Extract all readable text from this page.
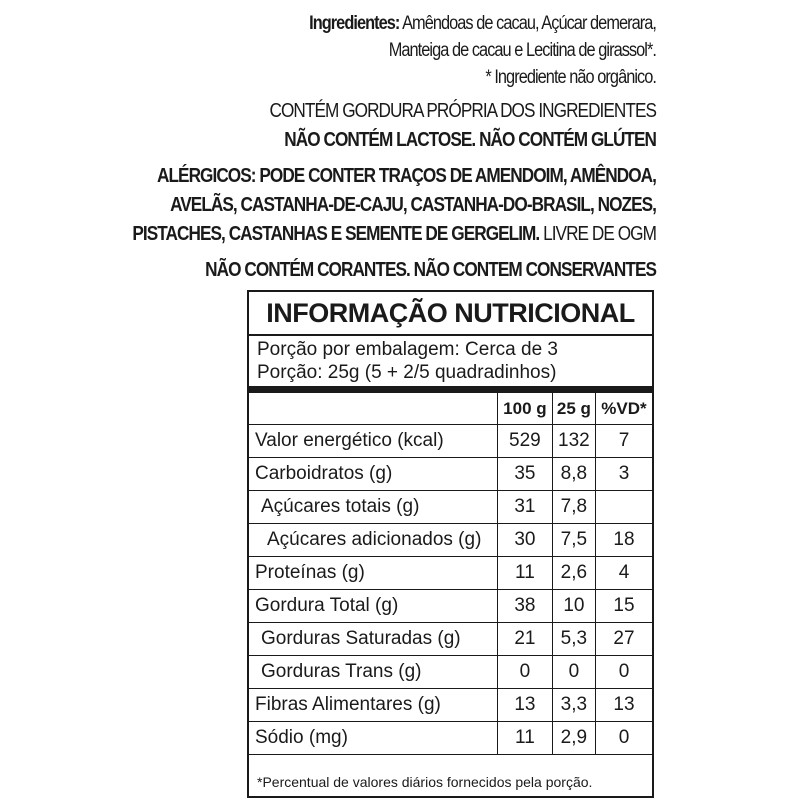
Ingredientes: Amêndoas de cacau, Açúcar demerara,
Manteiga de cacau e Lecitina de girassol*.
* Ingrediente não orgânico.
CONTÉM GORDURA PRÓPRIA DOS INGREDIENTES
NÃO CONTÉM LACTOSE. NÃO CONTÉM GLÚTEN
ALÉRGICOS: PODE CONTER TRAÇOS DE AMENDOIM, AMÊNDOA,
AVELÃS, CASTANHA-DE-CAJU, CASTANHA-DO-BRASIL, NOZES,
PISTACHES, CASTANHAS E SEMENTE DE GERGELIM. LIVRE DE OGM
NÃO CONTÉM CORANTES. NÃO CONTEM CONSERVANTES
INFORMAÇÃO NUTRICIONAL
Porção por embalagem: Cerca de 3
Porção: 25g (5 + 2/5 quadradinhos)
	100 g	25 g	%VD*
Valor energético (kcal)	529	132	7
Carboidratos (g)	35	8,8	3
Açúcares totais (g)	31	7,8	
Açúcares adicionados (g)	30	7,5	18
Proteínas (g)	11	2,6	4
Gordura Total (g)	38	10	15
Gorduras Saturadas (g)	21	5,3	27
Gorduras Trans (g)	0	0	0
Fibras Alimentares (g)	13	3,3	13
Sódio (mg)	11	2,9	0
*Percentual de valores diários fornecidos pela porção.
